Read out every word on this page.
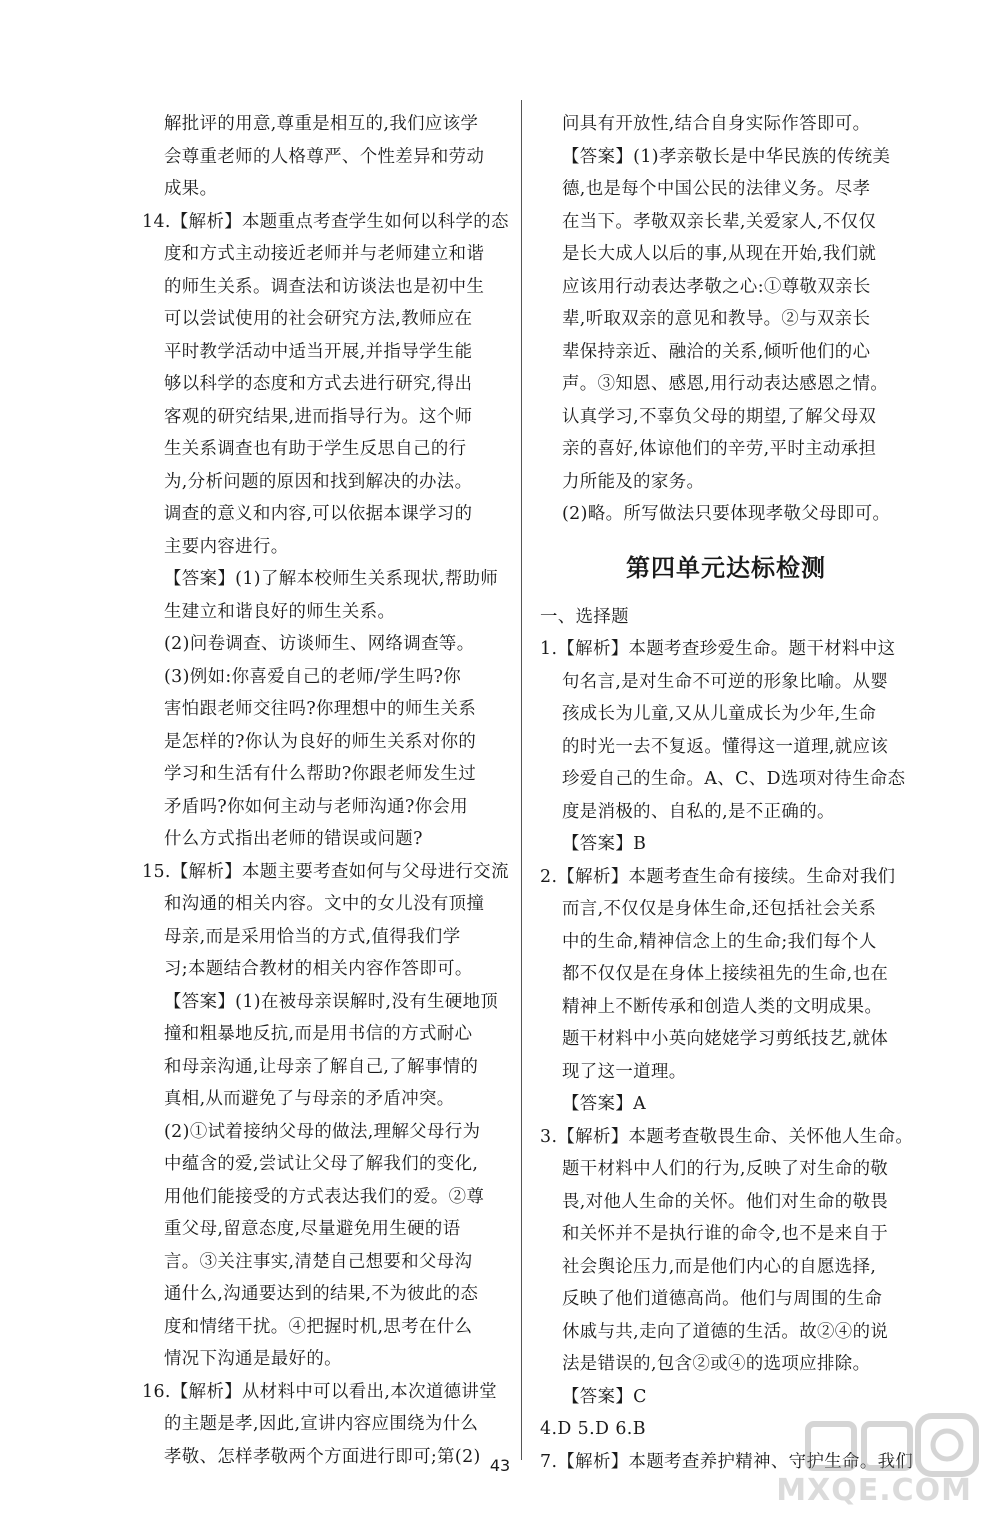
解批评的用意,尊重是相互的,我们应该学
会尊重老师的人格尊严、个性差异和劳动
成果。
14.【解析】本题重点考查学生如何以科学的态
度和方式主动接近老师并与老师建立和谐
的师生关系。调查法和访谈法也是初中生
可以尝试使用的社会研究方法,教师应在
平时教学活动中适当开展,并指导学生能
够以科学的态度和方式去进行研究,得出
客观的研究结果,进而指导行为。这个师
生关系调查也有助于学生反思自己的行
为,分析问题的原因和找到解决的办法。
调查的意义和内容,可以依据本课学习的
主要内容进行。
【答案】(1)了解本校师生关系现状,帮助师
生建立和谐良好的师生关系。
(2)问卷调查、访谈师生、网络调查等。
(3)例如:你喜爱自己的老师/学生吗?你
害怕跟老师交往吗?你理想中的师生关系
是怎样的?你认为良好的师生关系对你的
学习和生活有什么帮助?你跟老师发生过
矛盾吗?你如何主动与老师沟通?你会用
什么方式指出老师的错误或问题?
15.【解析】本题主要考查如何与父母进行交流
和沟通的相关内容。文中的女儿没有顶撞
母亲,而是采用恰当的方式,值得我们学
习;本题结合教材的相关内容作答即可。
【答案】(1)在被母亲误解时,没有生硬地顶
撞和粗暴地反抗,而是用书信的方式耐心
和母亲沟通,让母亲了解自己,了解事情的
真相,从而避免了与母亲的矛盾冲突。
(2)①试着接纳父母的做法,理解父母行为
中蕴含的爱,尝试让父母了解我们的变化,
用他们能接受的方式表达我们的爱。②尊
重父母,留意态度,尽量避免用生硬的语
言。③关注事实,清楚自己想要和父母沟
通什么,沟通要达到的结果,不为彼此的态
度和情绪干扰。④把握时机,思考在什么
情况下沟通是最好的。
16.【解析】从材料中可以看出,本次道德讲堂
的主题是孝,因此,宣讲内容应围绕为什么
孝敬、怎样孝敬两个方面进行即可;第(2)
问具有开放性,结合自身实际作答即可。
【答案】(1)孝亲敬长是中华民族的传统美
德,也是每个中国公民的法律义务。尽孝
在当下。孝敬双亲长辈,关爱家人,不仅仅
是长大成人以后的事,从现在开始,我们就
应该用行动表达孝敬之心:①尊敬双亲长
辈,听取双亲的意见和教导。②与双亲长
辈保持亲近、融洽的关系,倾听他们的心
声。③知恩、感恩,用行动表达感恩之情。
认真学习,不辜负父母的期望,了解父母双
亲的喜好,体谅他们的辛劳,平时主动承担
力所能及的家务。
(2)略。所写做法只要体现孝敬父母即可。
第四单元达标检测
一、选择题
1.【解析】本题考查珍爱生命。题干材料中这
句名言,是对生命不可逆的形象比喻。从婴
孩成长为儿童,又从儿童成长为少年,生命
的时光一去不复返。懂得这一道理,就应该
珍爱自己的生命。A、C、D选项对待生命态
度是消极的、自私的,是不正确的。
【答案】B
2.【解析】本题考查生命有接续。生命对我们
而言,不仅仅是身体生命,还包括社会关系
中的生命,精神信念上的生命;我们每个人
都不仅仅是在身体上接续祖先的生命,也在
精神上不断传承和创造人类的文明成果。
题干材料中小英向姥姥学习剪纸技艺,就体
现了这一道理。
【答案】A
3.【解析】本题考查敬畏生命、关怀他人生命。
题干材料中人们的行为,反映了对生命的敬
畏,对他人生命的关怀。他们对生命的敬畏
和关怀并不是执行谁的命令,也不是来自于
社会舆论压力,而是他们内心的自愿选择,
反映了他们道德高尚。他们与周围的生命
休戚与共,走向了道德的生活。故②④的说
法是错误的,包含②或④的选项应排除。
【答案】C
4.D 5.D 6.B
7.【解析】本题考查养护精神、守护生命。我们
43
MXQE.COM
